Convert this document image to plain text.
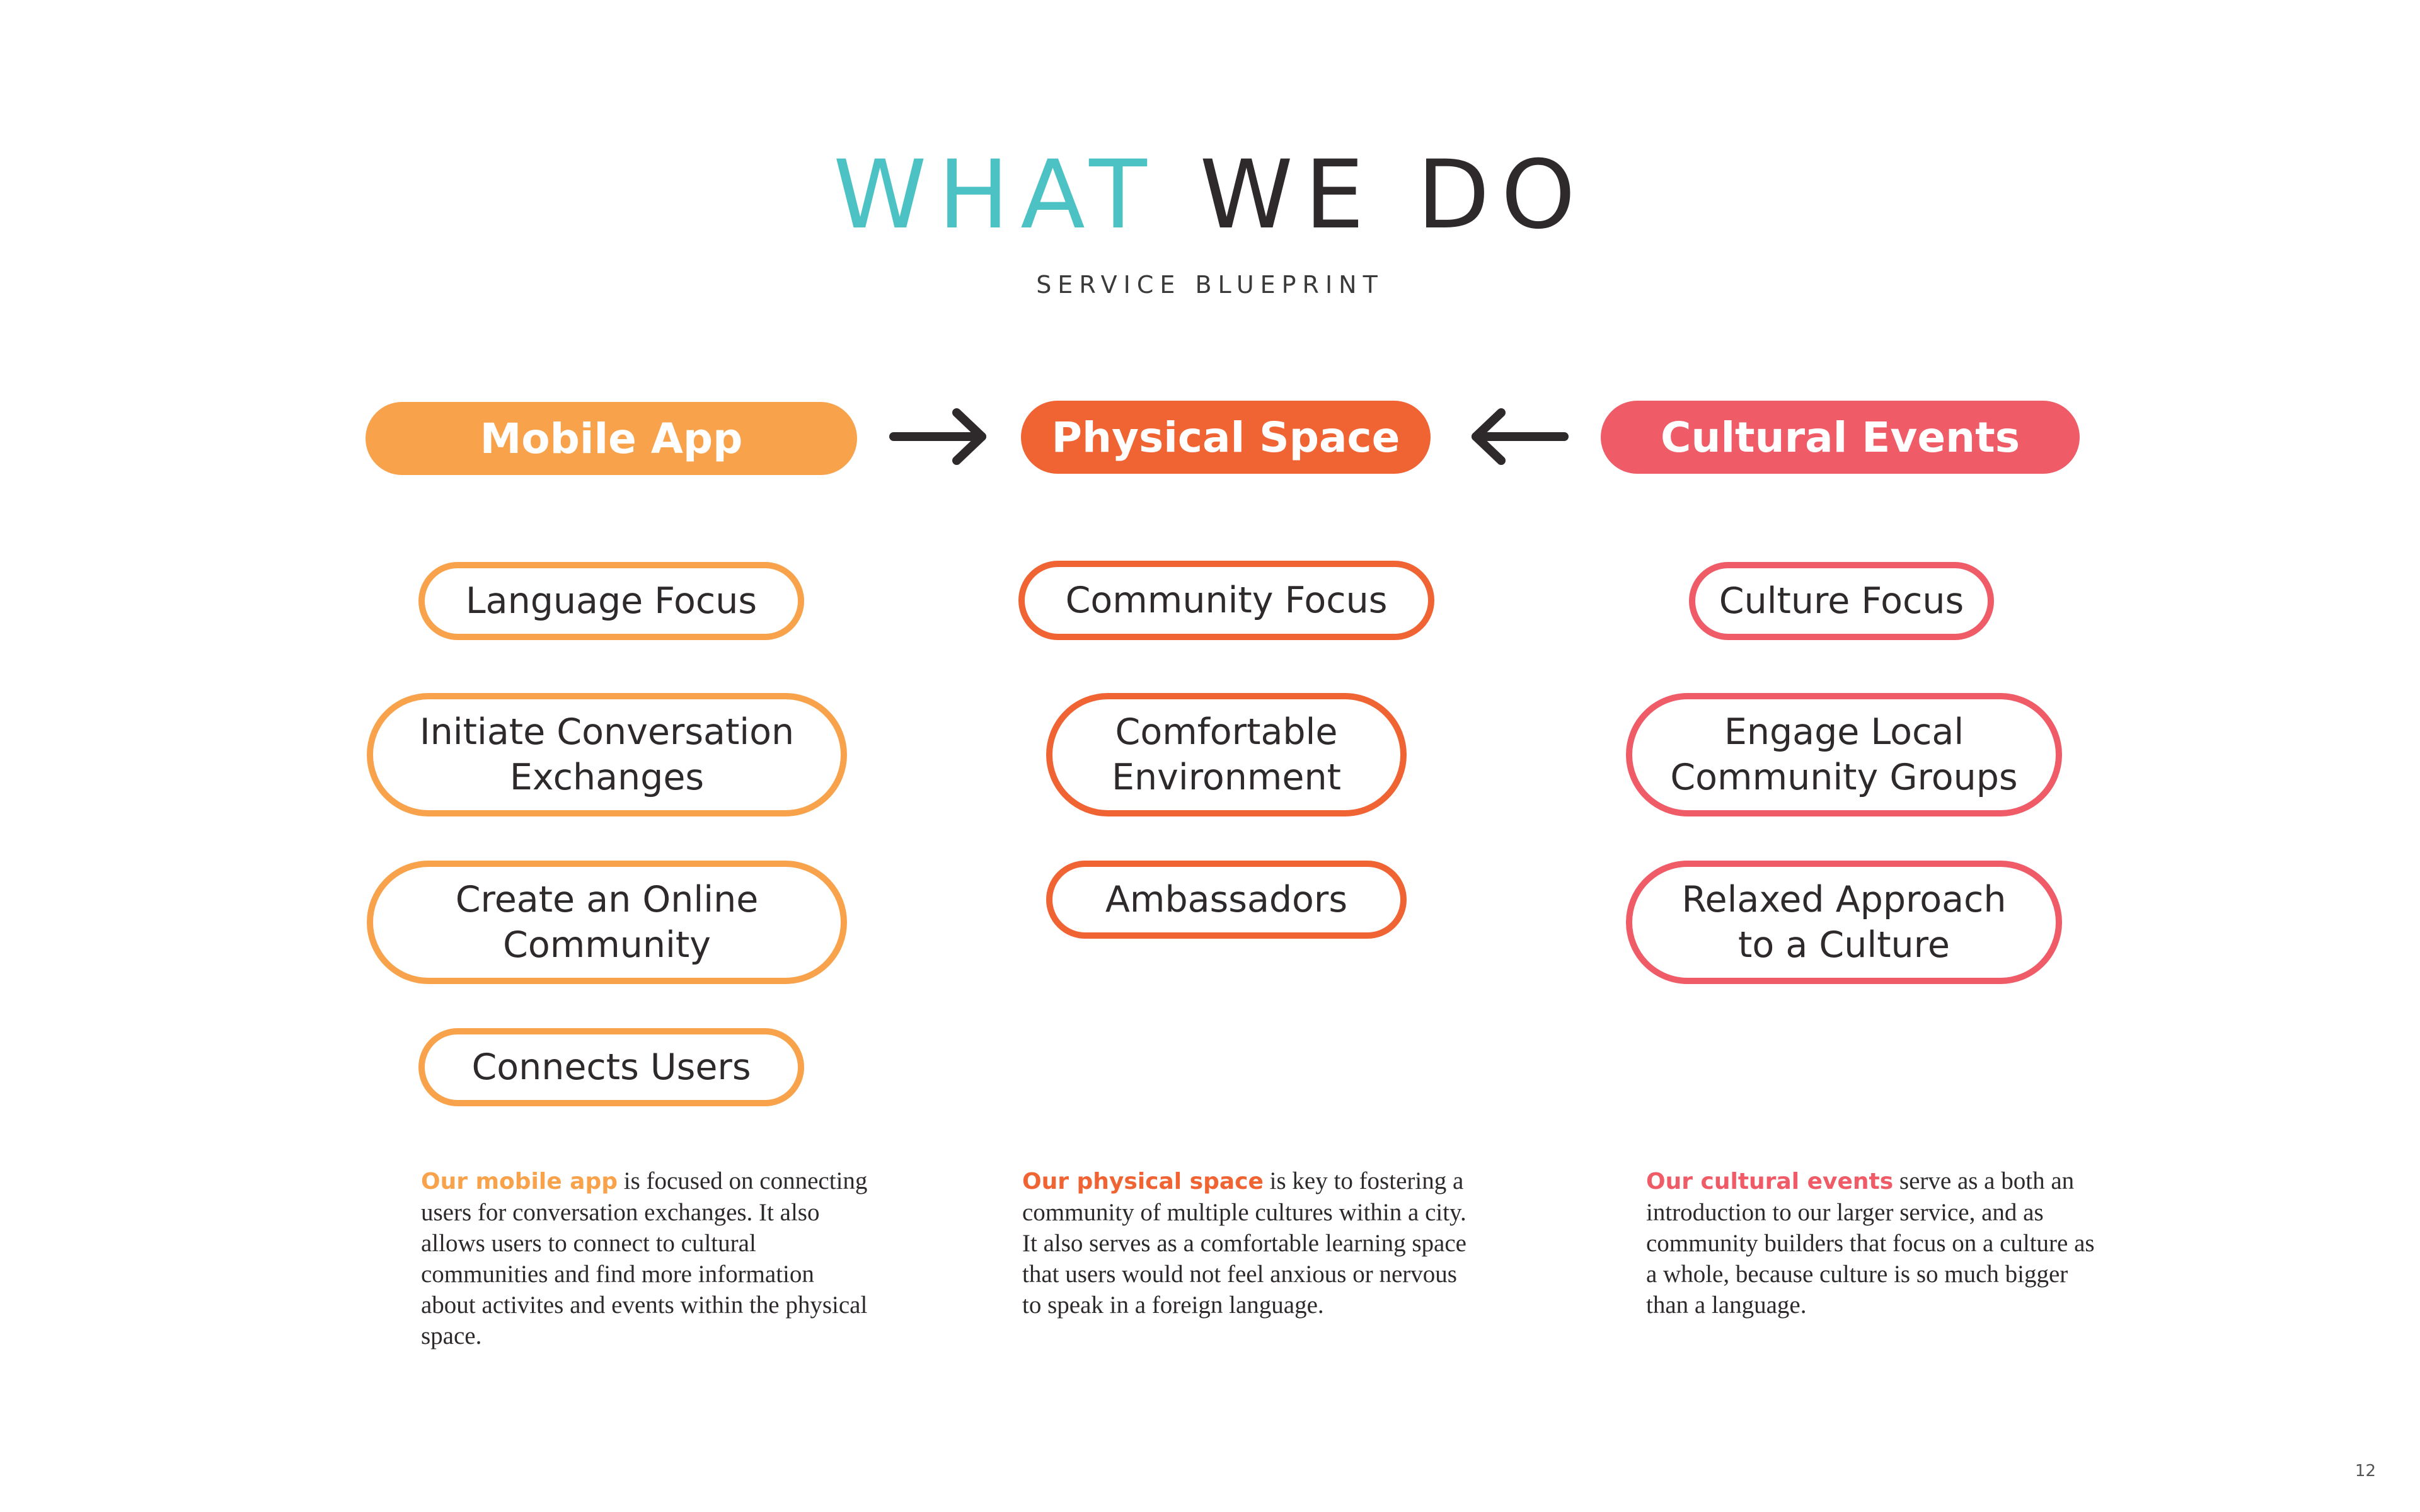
WHAT WE DO
SERVICE BLUEPRINT
Mobile App	Physical Space	Cultural Events
Language Focus
Initiate Conversation
Exchanges
Create an Online
Community
Connects Users
Community Focus
Comfortable
Environment
Ambassadors
Culture Focus
Engage Local
Community Groups
Relaxed Approach
to a Culture
Our mobile app is focused on connecting users for conversation exchanges. It also allows users to connect to cultural communities and find more information about activites and events within the physical space.
Our physical space is key to fostering a community of multiple cultures within a city. It also serves as a comfortable learning space that users would not feel anxious or nervous to speak in a foreign language.
Our cultural events serve as a both an introduction to our larger service, and as community builders that focus on a culture as a whole, because culture is so much bigger than a language.
12
